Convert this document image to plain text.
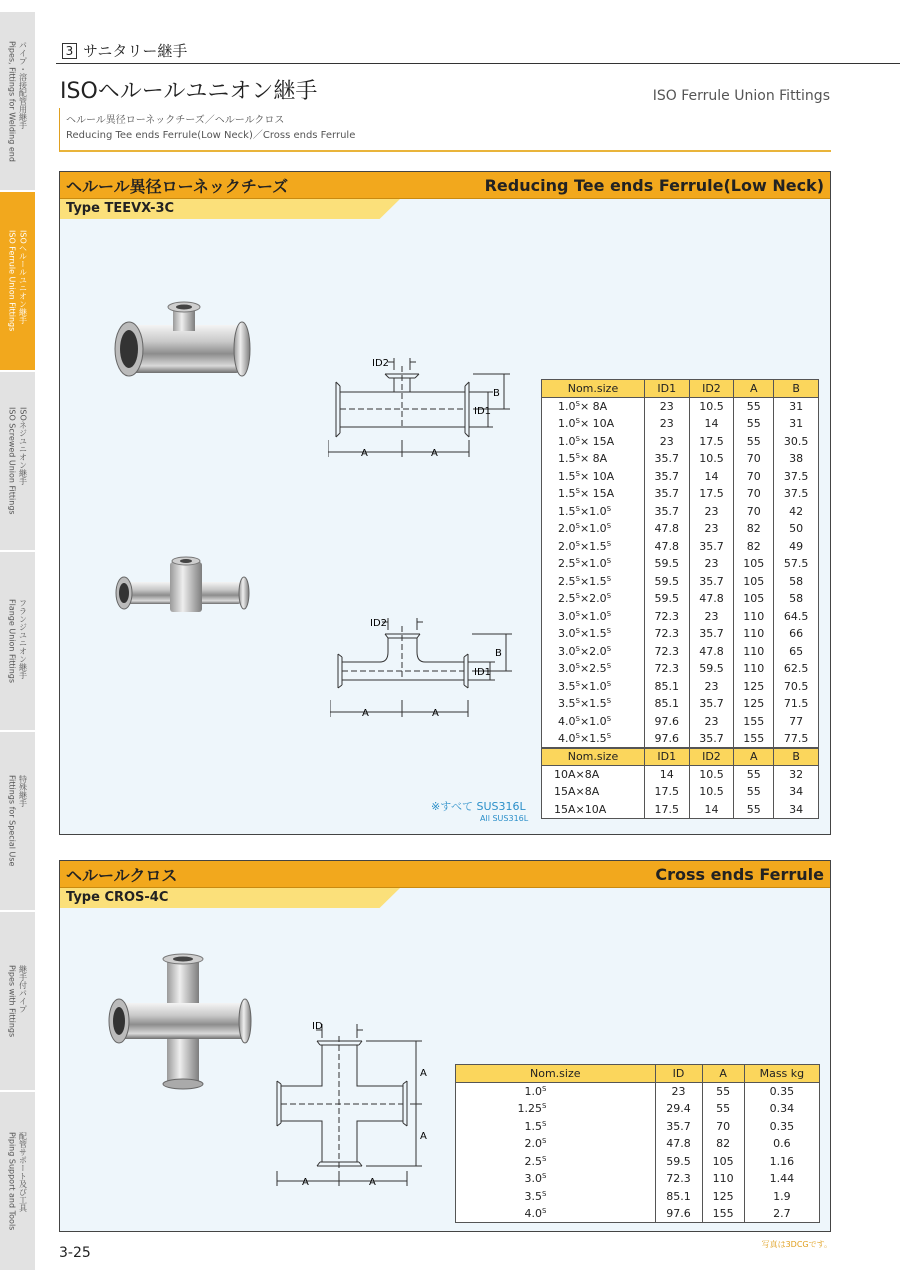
パイプ・溶接配管用継手
Pipes, Fittings for Welding end
ISOヘルールユニオン継手
ISO Ferrule Union Fittings
ISOネジユニオン継手
ISO Screwed Union Fittings
フランジユニオン継手
Flange Union Fittings
特殊継手
Fittings for Special Use
継手付パイプ
Pipes with Fittings
配管サポート及び工具
Piping Support and Tools
3 サニタリー継手
ISOヘルールユニオン継手	ISO Ferrule Union Fittings
ヘルール異径ローネックチーズ／ヘルールクロス
Reducing Tee ends Ferrule(Low Neck)／Cross ends Ferrule
ヘルール異径ローネックチーズ	Reducing Tee ends Ferrule(Low Neck)
Type TEEVX-3C
ID2
B
ID1
A	A
ID2
B
ID1
A	A
Nom.size	ID1	ID2	A	B
$1.0^S\times 8A$	23	10.5	55	31
$1.0^S\times 10A$	23	14	55	31
$1.0^S\times 15A$	23	17.5	55	30.5
$1.5^S\times 8A$	35.7	10.5	70	38
$1.5^S\times 10A$	35.7	14	70	37.5
$1.5^S\times 15A$	35.7	17.5	70	37.5
$1.5^S\times 1.0^S$	35.7	23	70	42
$2.0^S\times 1.0^S$	47.8	23	82	50
$2.0^S\times 1.5^S$	47.8	35.7	82	49
$2.5^S\times 1.0^S$	59.5	23	105	57.5
$2.5^S\times 1.5^S$	59.5	35.7	105	58
$2.5^S\times 2.0^S$	59.5	47.8	105	58
$3.0^S\times 1.0^S$	72.3	23	110	64.5
$3.0^S\times 1.5^S$	72.3	35.7	110	66
$3.0^S\times 2.0^S$	72.3	47.8	110	65
$3.0^S\times 2.5^S$	72.3	59.5	110	62.5
$3.5^S\times 1.0^S$	85.1	23	125	70.5
$3.5^S\times 1.5^S$	85.1	35.7	125	71.5
$4.0^S\times 1.0^S$	97.6	23	155	77
$4.0^S\times 1.5^S$	97.6	35.7	155	77.5
Nom.size	ID1	ID2	A	B
10A×8A	14	10.5	55	32
15A×8A	17.5	10.5	55	34
15A×10A	17.5	14	55	34
※すべて SUS316L
All SUS316L
ヘルールクロス	Cross ends Ferrule
Type CROS-4C
ID
A
A
A	A
Nom.size	ID	A	Mass kg
$1.0^S$	23	55	0.35
$1.25^S$	29.4	55	0.34
$1.5^S$	35.7	70	0.35
$2.0^S$	47.8	82	0.6
$2.5^S$	59.5	105	1.16
$3.0^S$	72.3	110	1.44
$3.5^S$	85.1	125	1.9
$4.0^S$	97.6	155	2.7
3-25
写真は3DCGです。
